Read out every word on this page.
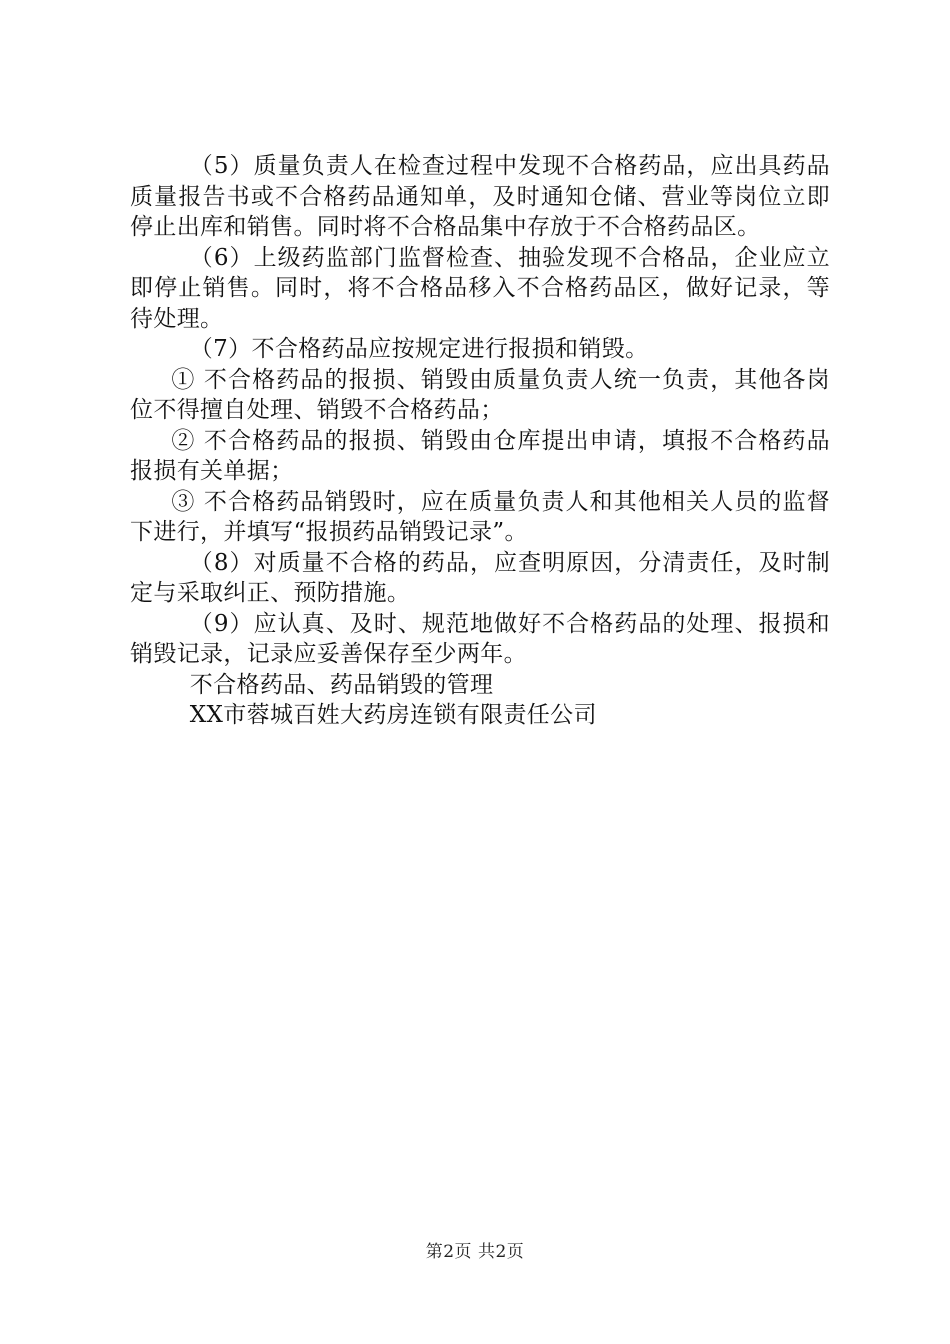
（5）质量负责人在检查过程中发现不合格药品，应出具药品质量报告书或不合格药品通知单，及时通知仓储、营业等岗位立即停止出库和销售。同时将不合格品集中存放于不合格药品区。

（6）上级药监部门监督检查、抽验发现不合格品，企业应立即停止销售。同时，将不合格品移入不合格药品区，做好记录，等待处理。

（7）不合格药品应按规定进行报损和销毁。

① 不合格药品的报损、销毁由质量负责人统一负责，其他各岗位不得擅自处理、销毁不合格药品；

② 不合格药品的报损、销毁由仓库提出申请，填报不合格药品报损有关单据；

③ 不合格药品销毁时，应在质量负责人和其他相关人员的监督下进行，并填写“报损药品销毁记录”。

（8）对质量不合格的药品，应查明原因，分清责任，及时制定与采取纠正、预防措施。

（9）应认真、及时、规范地做好不合格药品的处理、报损和销毁记录，记录应妥善保存至少两年。

不合格药品、药品销毁的管理

XX市蓉城百姓大药房连锁有限责任公司

第2页 共2页
